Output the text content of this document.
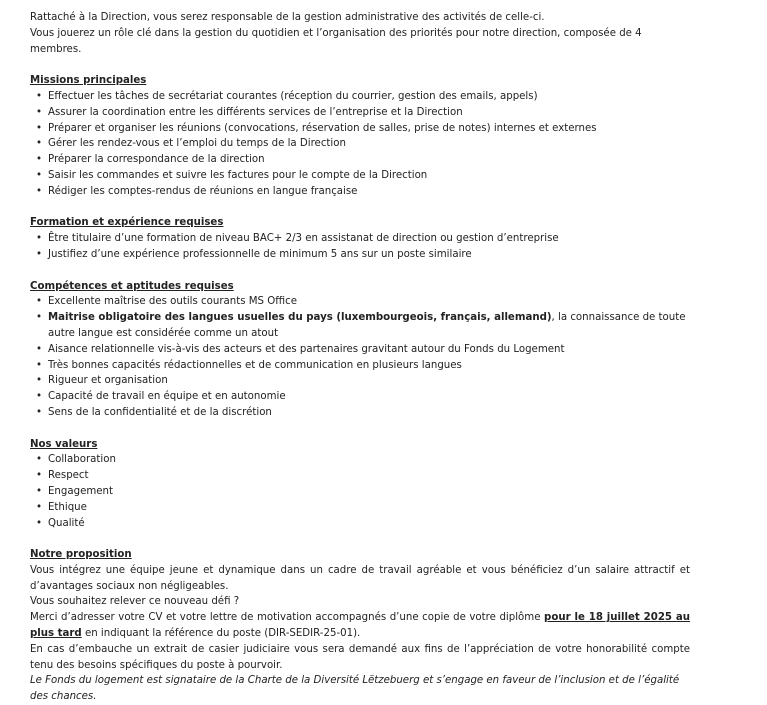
Rattaché à la Direction, vous serez responsable de la gestion administrative des activités de celle-ci.

Vous jouerez un rôle clé dans la gestion du quotidien et l’organisation des priorités pour notre direction, composée de 4 membres.

Missions principales
• Effectuer les tâches de secrétariat courantes (réception du courrier, gestion des emails, appels)
• Assurer la coordination entre les différents services de l’entreprise et la Direction
• Préparer et organiser les réunions (convocations, réservation de salles, prise de notes) internes et externes
• Gérer les rendez-vous et l’emploi du temps de la Direction
• Préparer la correspondance de la direction
• Saisir les commandes et suivre les factures pour le compte de la Direction
• Rédiger les comptes-rendus de réunions en langue française
Formation et expérience requises
• Être titulaire d’une formation de niveau BAC+ 2/3 en assistanat de direction ou gestion d’entreprise
• Justifiez d’une expérience professionnelle de minimum 5 ans sur un poste similaire
Compétences et aptitudes requises
• Excellente maîtrise des outils courants MS Office
• Maitrise obligatoire des langues usuelles du pays (luxembourgeois, français, allemand), la connaissance de toute autre langue est considérée comme un atout
• Aisance relationnelle vis-à-vis des acteurs et des partenaires gravitant autour du Fonds du Logement
• Très bonnes capacités rédactionnelles et de communication en plusieurs langues
• Rigueur et organisation
• Capacité de travail en équipe et en autonomie
• Sens de la confidentialité et de la discrétion
Nos valeurs
• Collaboration
• Respect
• Engagement
• Ethique
• Qualité
Notre proposition

Vous intégrez une équipe jeune et dynamique dans un cadre de travail agréable et vous bénéficiez d’un salaire attractif et d’avantages sociaux non négligeables.

Vous souhaitez relever ce nouveau défi ?

Merci d’adresser votre CV et votre lettre de motivation accompagnés d’une copie de votre diplôme pour le 18 juillet 2025 au plus tard en indiquant la référence du poste (DIR-SEDIR-25-01).

En cas d’embauche un extrait de casier judiciaire vous sera demandé aux fins de l’appréciation de votre honorabilité compte tenu des besoins spécifiques du poste à pourvoir.

Le Fonds du logement est signataire de la Charte de la Diversité Lëtzebuerg et s’engage en faveur de l’inclusion et de l’égalité des chances.
